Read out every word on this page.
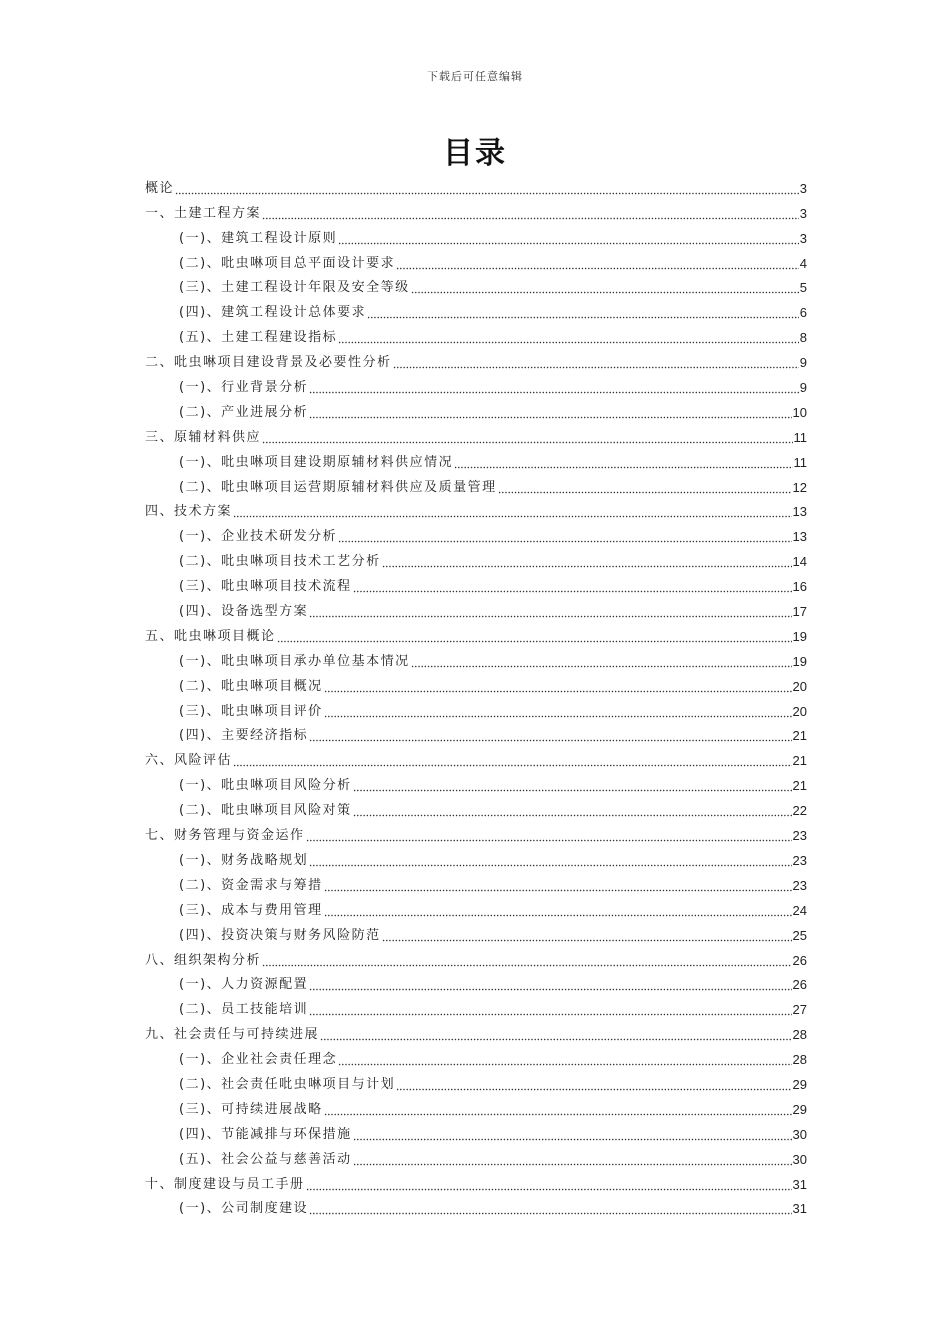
下载后可任意编辑
目录
概论	3
一、土建工程方案	3
(一)、建筑工程设计原则	3
(二)、吡虫啉项目总平面设计要求	4
(三)、土建工程设计年限及安全等级	5
(四)、建筑工程设计总体要求	6
(五)、土建工程建设指标	8
二、吡虫啉项目建设背景及必要性分析	9
(一)、行业背景分析	9
(二)、产业进展分析	10
三、原辅材料供应	11
(一)、吡虫啉项目建设期原辅材料供应情况	11
(二)、吡虫啉项目运营期原辅材料供应及质量管理	12
四、技术方案	13
(一)、企业技术研发分析	13
(二)、吡虫啉项目技术工艺分析	14
(三)、吡虫啉项目技术流程	16
(四)、设备选型方案	17
五、吡虫啉项目概论	19
(一)、吡虫啉项目承办单位基本情况	19
(二)、吡虫啉项目概况	20
(三)、吡虫啉项目评价	20
(四)、主要经济指标	21
六、风险评估	21
(一)、吡虫啉项目风险分析	21
(二)、吡虫啉项目风险对策	22
七、财务管理与资金运作	23
(一)、财务战略规划	23
(二)、资金需求与筹措	23
(三)、成本与费用管理	24
(四)、投资决策与财务风险防范	25
八、组织架构分析	26
(一)、人力资源配置	26
(二)、员工技能培训	27
九、社会责任与可持续进展	28
(一)、企业社会责任理念	28
(二)、社会责任吡虫啉项目与计划	29
(三)、可持续进展战略	29
(四)、节能减排与环保措施	30
(五)、社会公益与慈善活动	30
十、制度建设与员工手册	31
(一)、公司制度建设	31
